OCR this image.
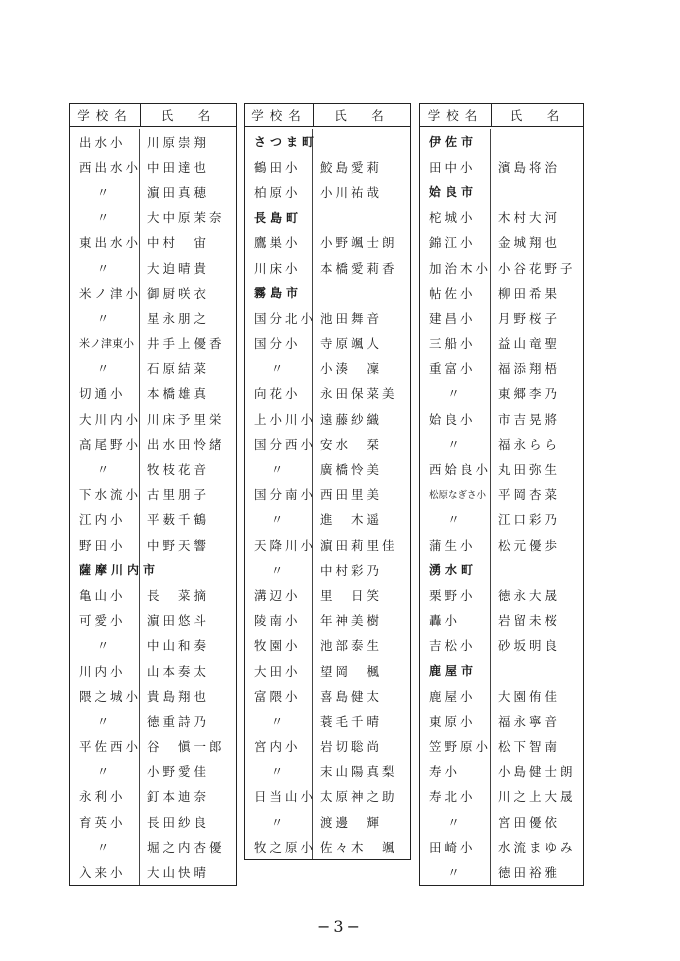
学校名	氏　名
出水小	川原崇翔
西出水小 中田達也
〃	濵田真穂
〃	大中原茉奈
東出水小 中村　宙
〃	大迫晴貴
米ノ津小 御厨咲衣
〃	星永朋之
米ノ津東小	井手上優香
〃	石原結菜
切通小	本橋雄真
大川内小 川床予里栄
高尾野小 出水田怜緒
〃	牧枝花音
下水流小 古里朋子
江内小	平薮千鶴
野田小	中野天響
薩摩川内市
亀山小	長　菜摘
可愛小	濵田悠斗
〃	中山和奏
川内小	山本奏太
隈之城小 貴島翔也
〃	徳重詩乃
平佐西小 谷　愼一郎
〃	小野愛佳
永利小	釘本迪奈
育英小	長田紗良
〃	堀之内杏優
入来小	大山快晴
学校名	氏　名
さつま町
鶴田小	鮫島愛莉
柏原小	小川祐哉
長島町
鷹巣小	小野颯士朗
川床小	本橋愛莉香
霧島市
国分北小 池田舞音
国分小	寺原颯人
〃	小湊　凜
向花小	永田保菜美
上小川小 遠藤紗織
国分西小 安水　栞
〃	廣橋怜美
国分南小 西田里美
〃	進　木遥
天降川小 濵田莉里佳
〃	中村彩乃
溝辺小	里　日笑
陵南小	年神美樹
牧園小	池部泰生
大田小	望岡　楓
富隈小	喜島健太
〃	蓑毛千晴
宮内小	岩切聡尚
〃	末山陽真梨
日当山小 太原神之助
〃	渡邊　輝
牧之原小 佐々木　颯
学校名	氏　名
伊佐市
田中小	濱島将治
姶良市
柁城小	木村大河
錦江小	金城翔也
加治木小 小谷花野子
帖佐小	柳田希果
建昌小	月野桜子
三船小	益山竜聖
重富小	福添翔梧
〃	東郷李乃
姶良小	市吉晃將
〃	福永らら
西姶良小 丸田弥生
松原なぎさ小 平岡杏菜
〃	江口彩乃
蒲生小	松元優歩
湧水町
栗野小	徳永大晟
轟小	岩留未桜
吉松小	砂坂明良
鹿屋市
鹿屋小	大園侑佳
東原小	福永寧音
笠野原小 松下智南
寿小	小島健士朗
寿北小	川之上大晟
〃	宮田優依
田崎小	水流まゆみ
〃	徳田裕雅
−3−
